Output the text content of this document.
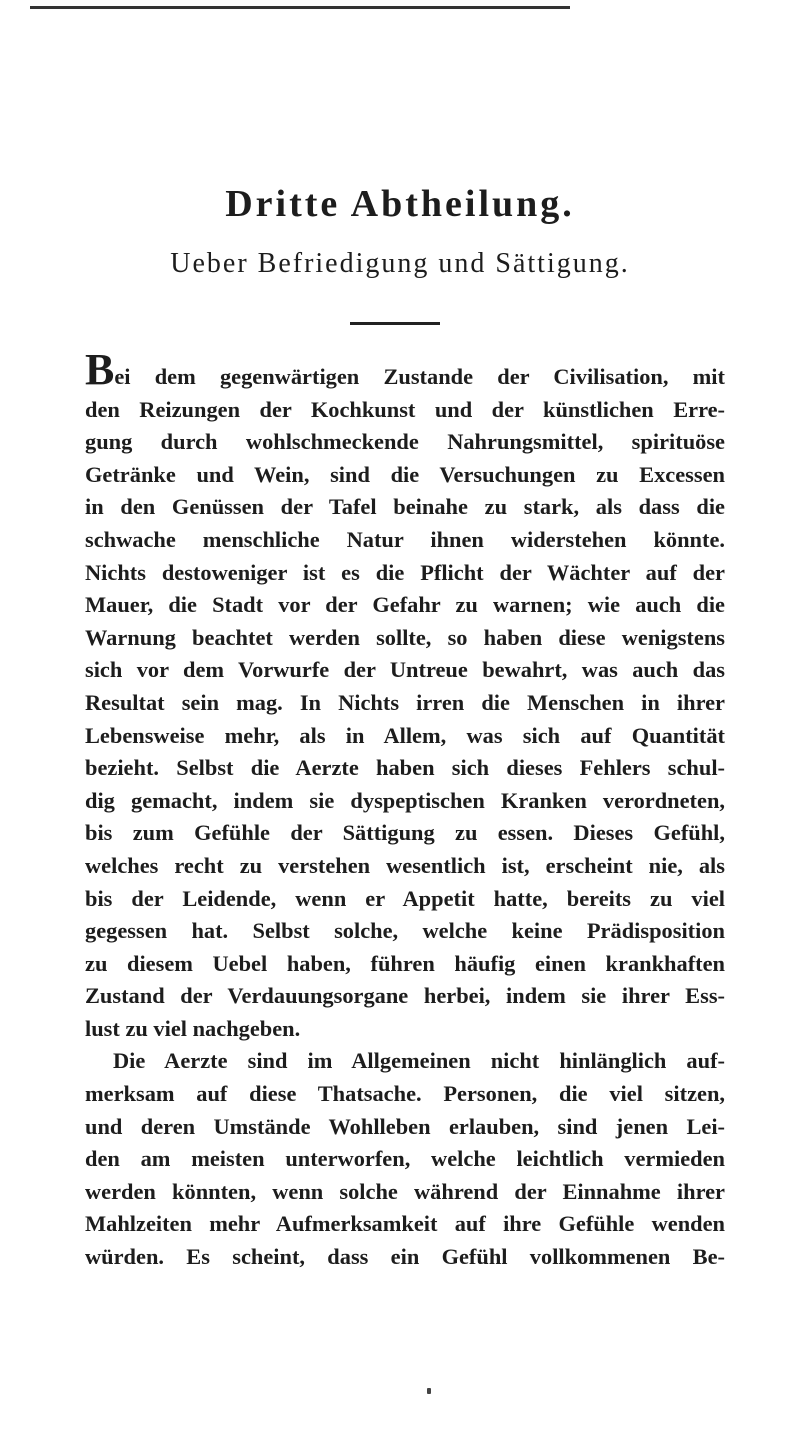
Dritte Abtheilung.
Ueber Befriedigung und Sättigung.
Bei dem gegenwärtigen Zustande der Civilisation, mit
den Reizungen der Kochkunst und der künstlichen Erre-
gung durch wohlschmeckende Nahrungsmittel, spirituöse
Getränke und Wein, sind die Versuchungen zu Excessen
in den Genüssen der Tafel beinahe zu stark, als dass die
schwache menschliche Natur ihnen widerstehen könnte.
Nichts destoweniger ist es die Pflicht der Wächter auf der
Mauer, die Stadt vor der Gefahr zu warnen; wie auch die
Warnung beachtet werden sollte, so haben diese wenigstens
sich vor dem Vorwurfe der Untreue bewahrt, was auch das
Resultat sein mag. In Nichts irren die Menschen in ihrer
Lebensweise mehr, als in Allem, was sich auf Quantität
bezieht. Selbst die Aerzte haben sich dieses Fehlers schul-
dig gemacht, indem sie dyspeptischen Kranken verordneten,
bis zum Gefühle der Sättigung zu essen. Dieses Gefühl,
welches recht zu verstehen wesentlich ist, erscheint nie, als
bis der Leidende, wenn er Appetit hatte, bereits zu viel
gegessen hat. Selbst solche, welche keine Prädisposition
zu diesem Uebel haben, führen häufig einen krankhaften
Zustand der Verdauungsorgane herbei, indem sie ihrer Ess-
lust zu viel nachgeben.
Die Aerzte sind im Allgemeinen nicht hinlänglich auf-
merksam auf diese Thatsache. Personen, die viel sitzen,
und deren Umstände Wohlleben erlauben, sind jenen Lei-
den am meisten unterworfen, welche leichtlich vermieden
werden könnten, wenn solche während der Einnahme ihrer
Mahlzeiten mehr Aufmerksamkeit auf ihre Gefühle wenden
würden. Es scheint, dass ein Gefühl vollkommenen Be-
